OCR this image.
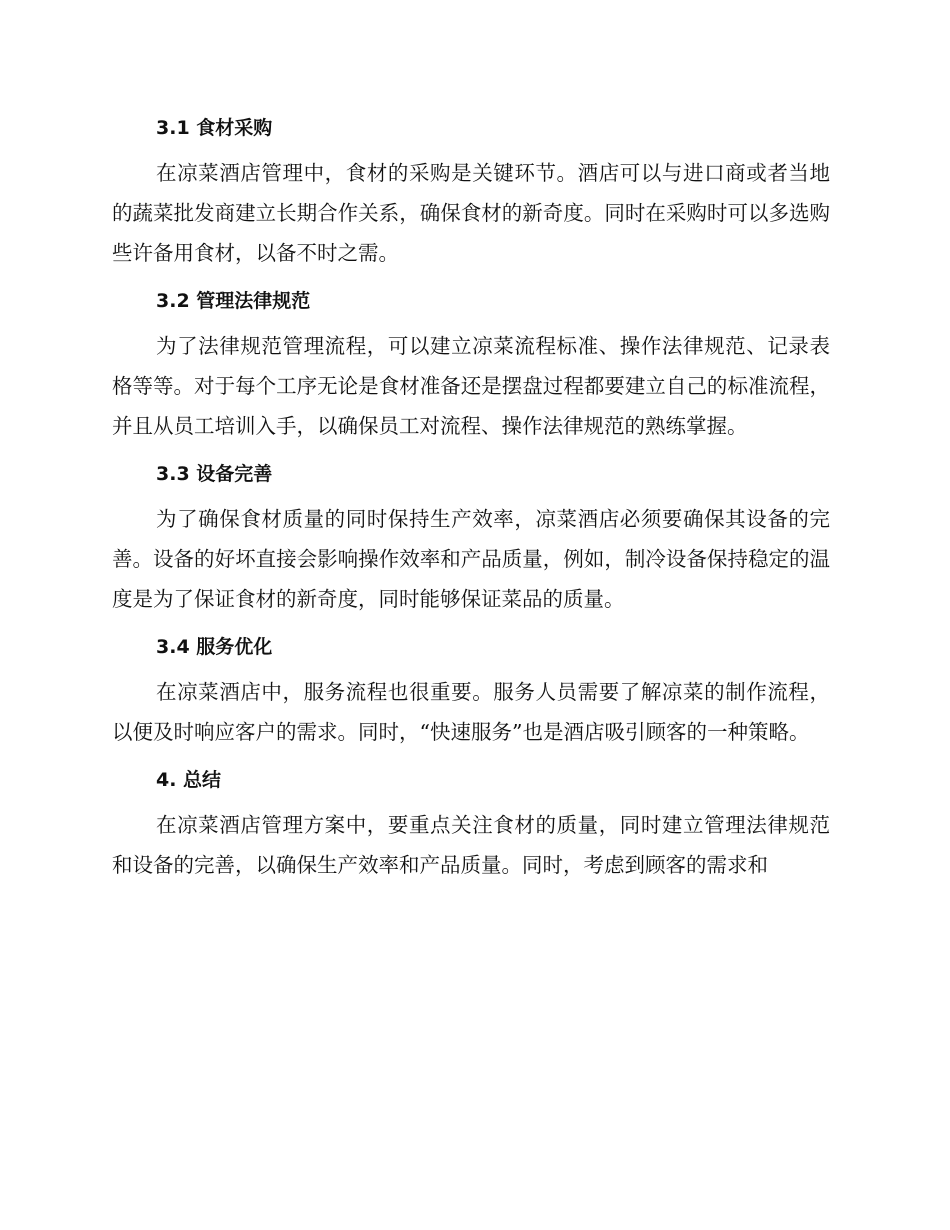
3.1 食材采购

在凉菜酒店管理中，食材的采购是关键环节。酒店可以与进口商或者当地的蔬菜批发商建立长期合作关系，确保食材的新奇度。同时在采购时可以多选购些许备用食材，以备不时之需。

3.2 管理法律规范

为了法律规范管理流程，可以建立凉菜流程标准、操作法律规范、记录表格等等。对于每个工序无论是食材准备还是摆盘过程都要建立自己的标准流程，并且从员工培训入手，以确保员工对流程、操作法律规范的熟练掌握。

3.3 设备完善

为了确保食材质量的同时保持生产效率，凉菜酒店必须要确保其设备的完善。设备的好坏直接会影响操作效率和产品质量，例如，制冷设备保持稳定的温度是为了保证食材的新奇度，同时能够保证菜品的质量。

3.4 服务优化

在凉菜酒店中，服务流程也很重要。服务人员需要了解凉菜的制作流程，以便及时响应客户的需求。同时，“快速服务”也是酒店吸引顾客的一种策略。

4. 总结

在凉菜酒店管理方案中，要重点关注食材的质量，同时建立管理法律规范和设备的完善，以确保生产效率和产品质量。同时，考虑到顾客的需求和
